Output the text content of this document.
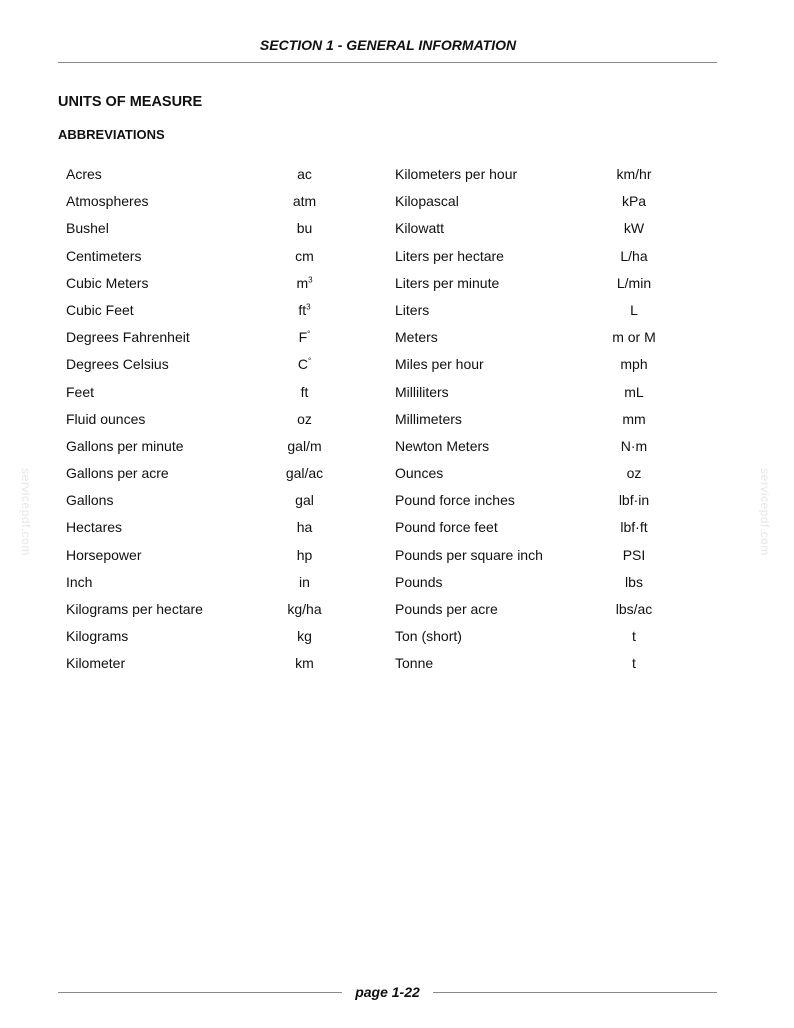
SECTION 1 - GENERAL INFORMATION
UNITS OF MEASURE
ABBREVIATIONS
Acres	ac	Kilometers per hour	km/hr
Atmospheres	atm	Kilopascal	kPa
Bushel	bu	Kilowatt	kW
Centimeters	cm	Liters per hectare	L/ha
Cubic Meters	$m^3$	Liters per minute	L/min
Cubic Feet	$ft^3$	Liters	L
Degrees Fahrenheit	F°	Meters	m or M
Degrees Celsius	C°	Miles per hour	mph
Feet	ft	Milliliters	mL
Fluid ounces	oz	Millimeters	mm
Gallons per minute	gal/m	Newton Meters	N·m
Gallons per acre	gal/ac	Ounces	oz
Gallons	gal	Pound force inches	lbf·in
Hectares	ha	Pound force feet	lbf·ft
Horsepower	hp	Pounds per square inch	PSI
Inch	in	Pounds	lbs
Kilograms per hectare	kg/ha	Pounds per acre	lbs/ac
Kilograms	kg	Ton (short)	t
Kilometer	km	Tonne	t
servicepdf.com	servicepdf.com
page 1-22
